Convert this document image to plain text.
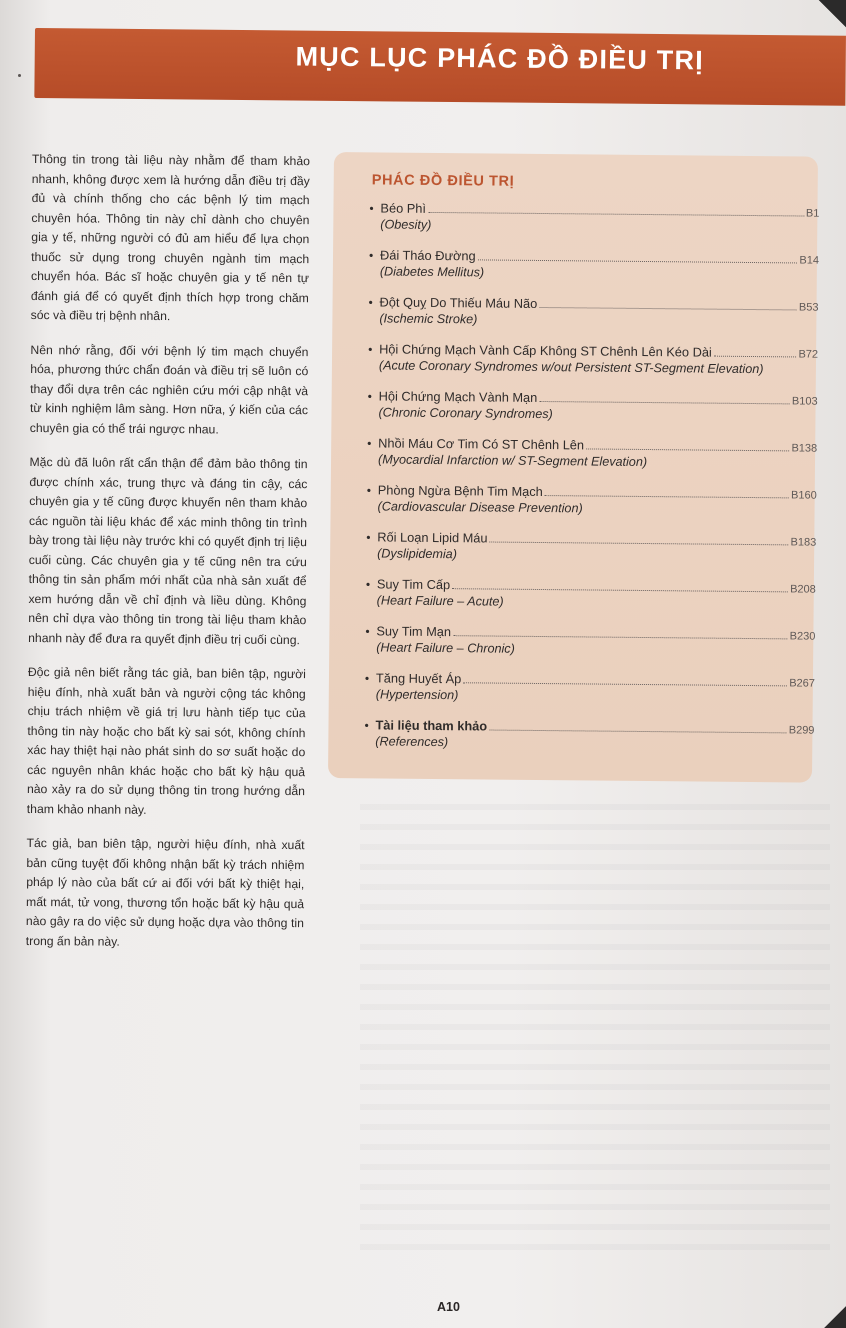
MỤC LỤC PHÁC ĐỒ ĐIỀU TRỊ

Thông tin trong tài liệu này nhằm để tham khảo nhanh, không được xem là hướng dẫn điều trị đầy đủ và chính thống cho các bệnh lý tim mạch chuyên hóa. Thông tin này chỉ dành cho chuyên gia y tế, những người có đủ am hiểu để lựa chọn thuốc sử dụng trong chuyên ngành tim mạch chuyển hóa. Bác sĩ hoặc chuyên gia y tế nên tự đánh giá để có quyết định thích hợp trong chăm sóc và điều trị bệnh nhân.

Nên nhớ rằng, đối với bệnh lý tim mạch chuyển hóa, phương thức chẩn đoán và điều trị sẽ luôn có thay đổi dựa trên các nghiên cứu mới cập nhật và từ kinh nghiệm lâm sàng. Hơn nữa, ý kiến của các chuyên gia có thể trái ngược nhau.

Mặc dù đã luôn rất cẩn thận để đảm bảo thông tin được chính xác, trung thực và đáng tin cậy, các chuyên gia y tế cũng được khuyến nên tham khảo các nguồn tài liệu khác để xác minh thông tin trình bày trong tài liệu này trước khi có quyết định trị liệu cuối cùng. Các chuyên gia y tế cũng nên tra cứu thông tin sản phẩm mới nhất của nhà sản xuất để xem hướng dẫn về chỉ định và liều dùng. Không nên chỉ dựa vào thông tin trong tài liệu tham khảo nhanh này để đưa ra quyết định điều trị cuối cùng.

Độc giả nên biết rằng tác giả, ban biên tập, người hiệu đính, nhà xuất bản và người cộng tác không chịu trách nhiệm về giá trị lưu hành tiếp tục của thông tin này hoặc cho bất kỳ sai sót, không chính xác hay thiệt hại nào phát sinh do sơ suất hoặc do các nguyên nhân khác hoặc cho bất kỳ hậu quả nào xảy ra do sử dụng thông tin trong hướng dẫn tham khảo nhanh này.

Tác giả, ban biên tập, người hiệu đính, nhà xuất bản cũng tuyệt đối không nhận bất kỳ trách nhiệm pháp lý nào của bất cứ ai đối với bất kỳ thiệt hại, mất mát, tử vong, thương tổn hoặc bất kỳ hậu quả nào gây ra do việc sử dụng hoặc dựa vào thông tin trong ấn bản này.

PHÁC ĐỒ ĐIỀU TRỊ
• Béo Phì	B1
(Obesity)
• Đái Tháo Đường	B14
(Diabetes Mellitus)
• Đột Quỵ Do Thiếu Máu Não	B53
(Ischemic Stroke)
• Hội Chứng Mạch Vành Cấp Không ST Chênh Lên Kéo Dài	B72
(Acute Coronary Syndromes w/out Persistent ST-Segment Elevation)
• Hội Chứng Mạch Vành Mạn	B103
(Chronic Coronary Syndromes)
• Nhồi Máu Cơ Tim Có ST Chênh Lên	B138
(Myocardial Infarction w/ ST-Segment Elevation)
• Phòng Ngừa Bệnh Tim Mạch	B160
(Cardiovascular Disease Prevention)
• Rối Loạn Lipid Máu	B183
(Dyslipidemia)
• Suy Tim Cấp	B208
(Heart Failure – Acute)
• Suy Tim Mạn	B230
(Heart Failure – Chronic)
• Tăng Huyết Áp	B267
(Hypertension)
• Tài liệu tham khảo	B299
(References)
A10
